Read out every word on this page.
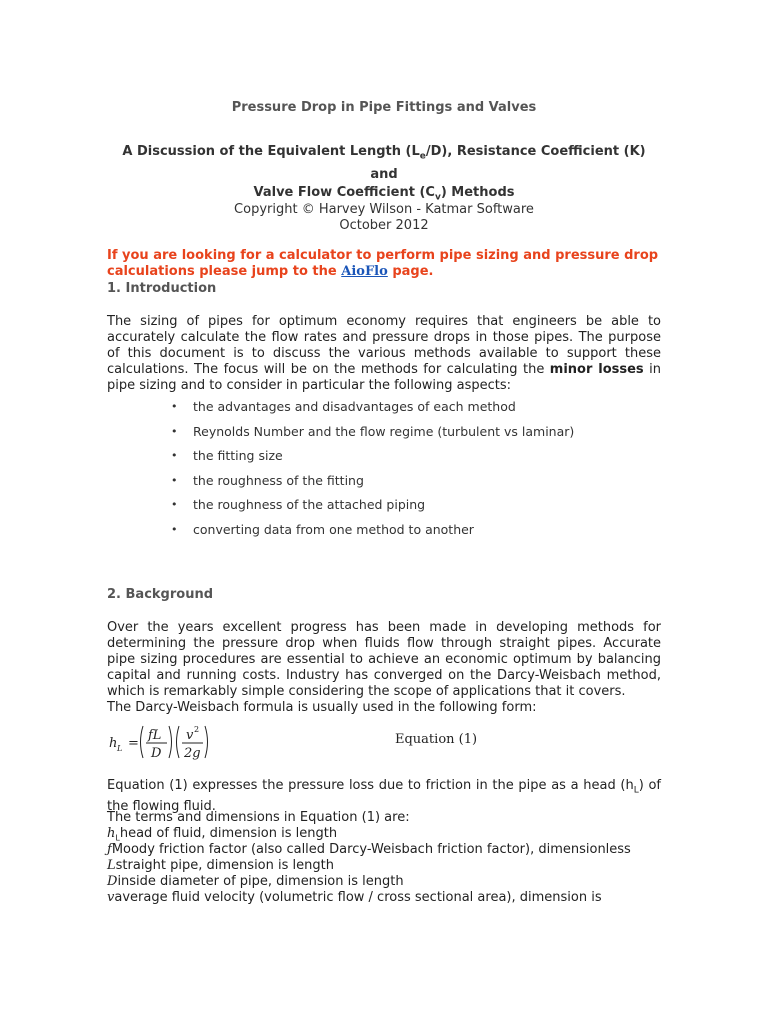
Pressure Drop in Pipe Fittings and Valves
A Discussion of the Equivalent Length $(L_e/D)$, Resistance Coefficient (K) and
Valve Flow Coefficient $(C_v)$ Methods
Copyright © Harvey Wilson - Katmar Software
October 2012
If you are looking for a calculator to perform pipe sizing and pressure drop calculations please jump to the AioFlo page.
1. Introduction

The sizing of pipes for optimum economy requires that engineers be able to accurately calculate the flow rates and pressure drops in those pipes. The purpose of this document is to discuss the various methods available to support these calculations. The focus will be on the methods for calculating the minor losses in pipe sizing and to consider in particular the following aspects:

• the advantages and disadvantages of each method
• Reynolds Number and the flow regime (turbulent vs laminar)
• the fitting size
• the roughness of the fitting
• the roughness of the attached piping
• converting data from one method to another
2. Background

Over the years excellent progress has been made in developing methods for determining the pressure drop when fluids flow through straight pipes. Accurate pipe sizing procedures are essential to achieve an economic optimum by balancing capital and running costs. Industry has converged on the Darcy-Weisbach method, which is remarkably simple considering the scope of applications that it covers.

The Darcy-Weisbach formula is usually used in the following form:

h L =
fL
D
v 2
2g
Equation (1)

Equation (1) expresses the pressure loss due to friction in the pipe as a head $(h_L)$ of the flowing fluid.

The terms and dimensions in Equation (1) are:
$h_Lhead$ of fluid, dimension is length
ƒMoody friction factor (also called Darcy-Weisbach friction factor), dimensionless
Lstraight pipe, dimension is length
Dinside diameter of pipe, dimension is length
vaverage fluid velocity (volumetric flow / cross sectional area), dimension is
